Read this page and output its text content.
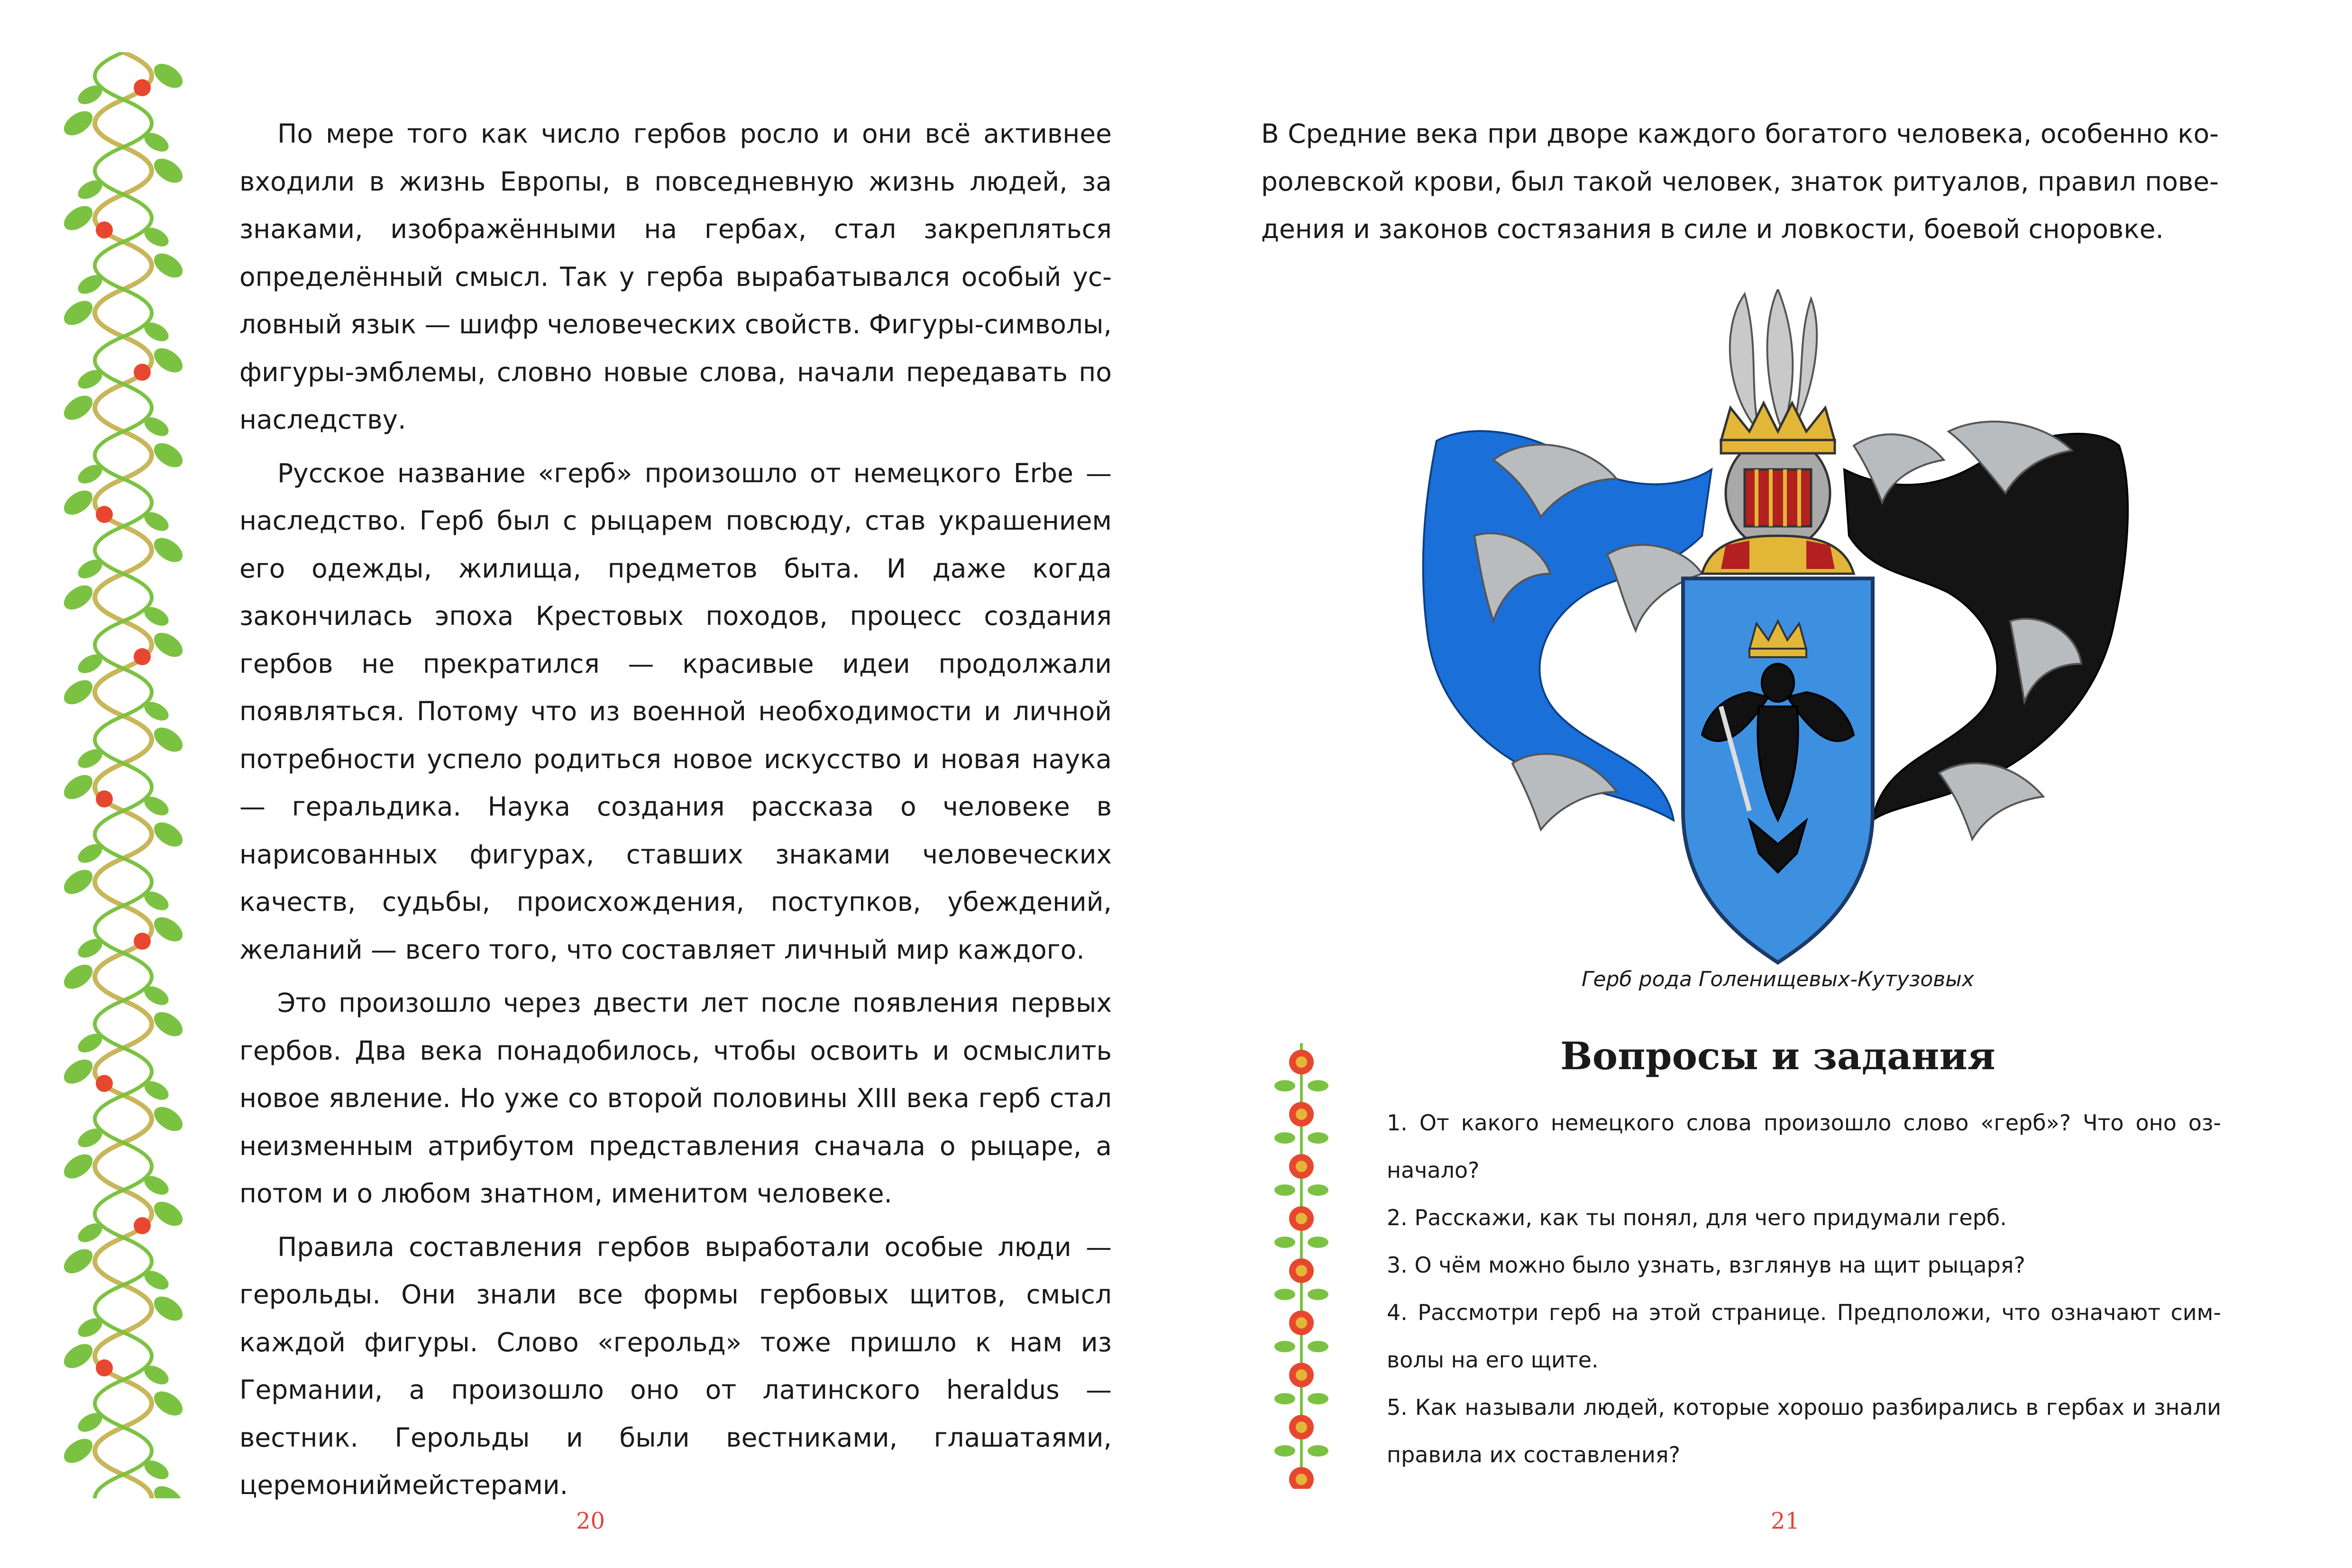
По мере того как число гербов росло и они всё активнее входили в жизнь Европы, в повседневную жизнь людей, за знаками, изображёнными на гербах, стал закрепляться определённый смысл. Так у герба вырабатывался особый условный язык — шифр человеческих свойств. Фигуры-символы, фигуры-эмблемы, словно новые слова, начали передавать по наследству.

Русское название «герб» произошло от немецкого Erbe — наследство. Герб был с рыцарем повсюду, став украшением его одежды, жилища, предметов быта. И даже когда закончилась эпоха Крестовых походов, процесс создания гербов не прекратился — красивые идеи продолжали появляться. Потому что из военной необходимости и личной потребности успело родиться новое искусство и новая наука — геральдика. Наука создания рассказа о человеке в нарисованных фигурах, ставших знаками человеческих качеств, судьбы, происхождения, поступков, убеждений, желаний — всего того, что составляет личный мир каждого.

Это произошло через двести лет после появления первых гербов. Два века понадобилось, чтобы освоить и осмыслить новое явление. Но уже со второй половины XIII века герб стал неизменным атрибутом представления сначала о рыцаре, а потом и о любом знатном, именитом человеке.

Правила составления гербов выработали особые люди — герольды. Они знали все формы гербовых щитов, смысл каждой фигуры. Слово «герольд» тоже пришло к нам из Германии, а произошло оно от латинского heraldus — вестник. Герольды и были вестниками, глашатаями, церемониймейстерами.

20

В Средние века при дворе каждого богатого человека, особенно королевской крови, был такой человек, знаток ритуалов, правил поведения и законов состязания в силе и ловкости, боевой сноровке.

Герб рода Голенищевых-Кутузовых
Вопросы и задания

1. От какого немецкого слова произошло слово «герб»? Что оно означало?

2. Расскажи, как ты понял, для чего придумали герб.

3. О чём можно было узнать, взглянув на щит рыцаря?

4. Рассмотри герб на этой странице. Предположи, что означают символы на его щите.

5. Как называли людей, которые хорошо разбирались в гербах и знали правила их составления?

21
